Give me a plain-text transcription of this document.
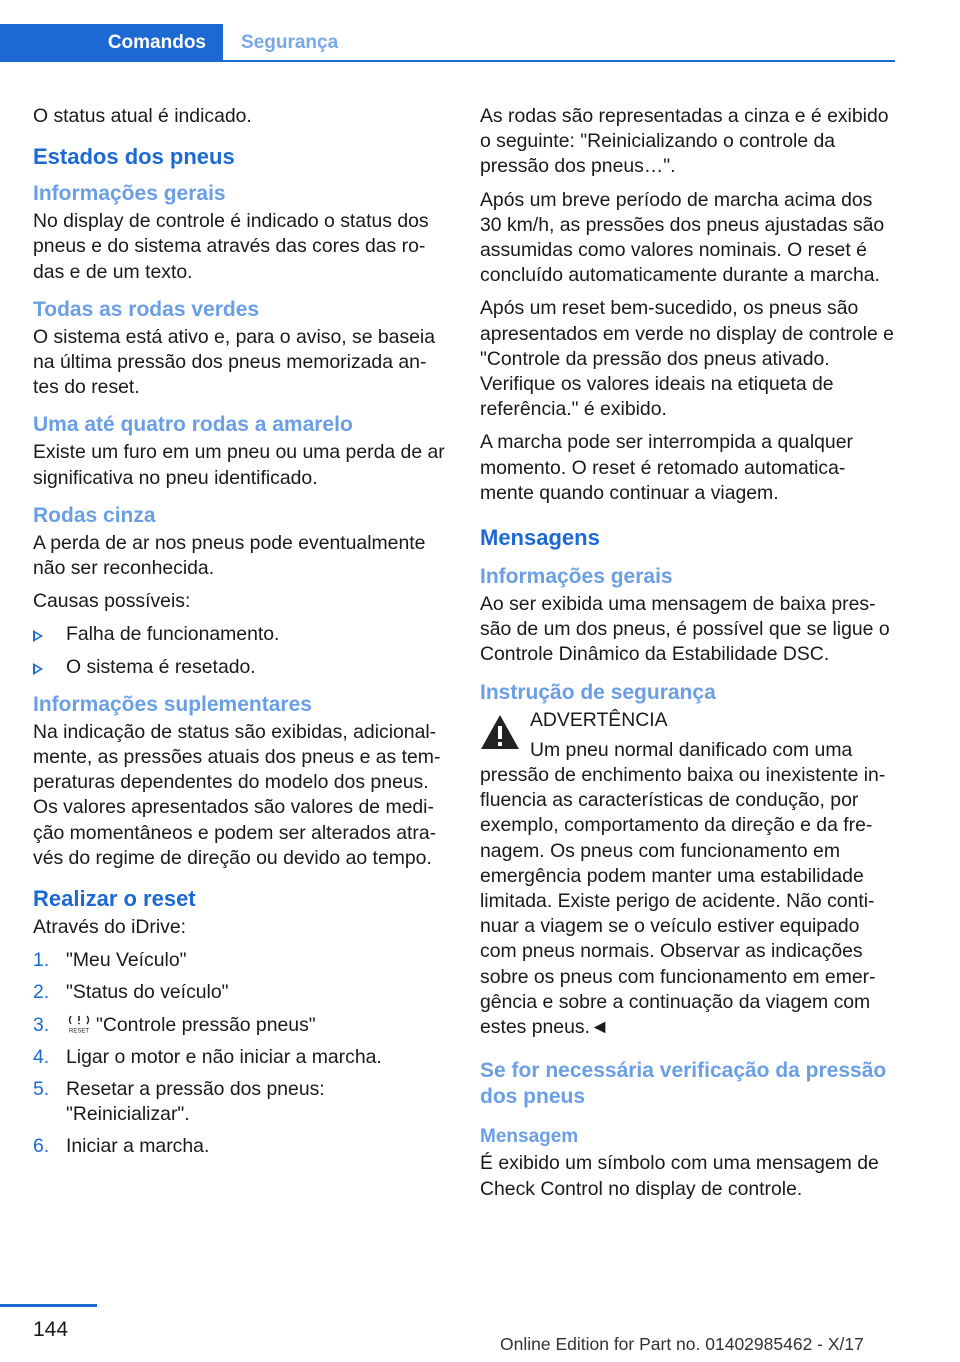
Comandos	Segurança

O status atual é indicado.

Estados dos pneus
Informações gerais

No display de controle é indicado o status dos pneus e do sistema através das cores das ro-das e de um texto.

Todas as rodas verdes

O sistema está ativo e, para o aviso, se baseia na última pressão dos pneus memorizada an-tes do reset.

Uma até quatro rodas a amarelo

Existe um furo em um pneu ou uma perda de ar significativa no pneu identificado.

Rodas cinza

A perda de ar nos pneus pode eventualmente não ser reconhecida.

Causas possíveis:

Falha de funcionamento.
O sistema é resetado.
Informações suplementares

Na indicação de status são exibidas, adicional-mente, as pressões atuais dos pneus e as tem-peraturas dependentes do modelo dos pneus. Os valores apresentados são valores de medi-ção momentâneos e podem ser alterados atra-vés do regime de direção ou devido ao tempo.

Realizar o reset

Através do iDrive:

1. "Meu Veículo"
2. "Status do veículo"
3.	RESET "Controle pressão pneus"
4. Ligar o motor e não iniciar a marcha.
5. Resetar a pressão dos pneus: "Reinicializar".
6. Iniciar a marcha.

As rodas são representadas a cinza e é exibido o seguinte: "Reinicializando o controle da pressão dos pneus…".

Após um breve período de marcha acima dos 30 km/h, as pressões dos pneus ajustadas são assumidas como valores nominais. O reset é concluído automaticamente durante a marcha.

Após um reset bem-sucedido, os pneus são apresentados em verde no display de controle e "Controle da pressão dos pneus ativado. Verifique os valores ideais na etiqueta de referência." é exibido.

A marcha pode ser interrompida a qualquer momento. O reset é retomado automatica-mente quando continuar a viagem.

Mensagens
Informações gerais

Ao ser exibida uma mensagem de baixa pres-são de um dos pneus, é possível que se ligue o Controle Dinâmico da Estabilidade DSC.

Instrução de segurança
ADVERTÊNCIA

Um pneu normal danificado com uma

pressão de enchimento baixa ou inexistente in-fluencia as características de condução, por exemplo, comportamento da direção e da fre-nagem. Os pneus com funcionamento em emergência podem manter uma estabilidade limitada. Existe perigo de acidente. Não conti-nuar a viagem se o veículo estiver equipado com pneus normais. Observar as indicações sobre os pneus com funcionamento em emer-gência e sobre a continuação da viagem com estes pneus.◄

Se for necessária verificação da pressão dos pneus
Mensagem

É exibido um símbolo com uma mensagem de Check Control no display de controle.

144
Online Edition for Part no. 01402985462 - X/17
